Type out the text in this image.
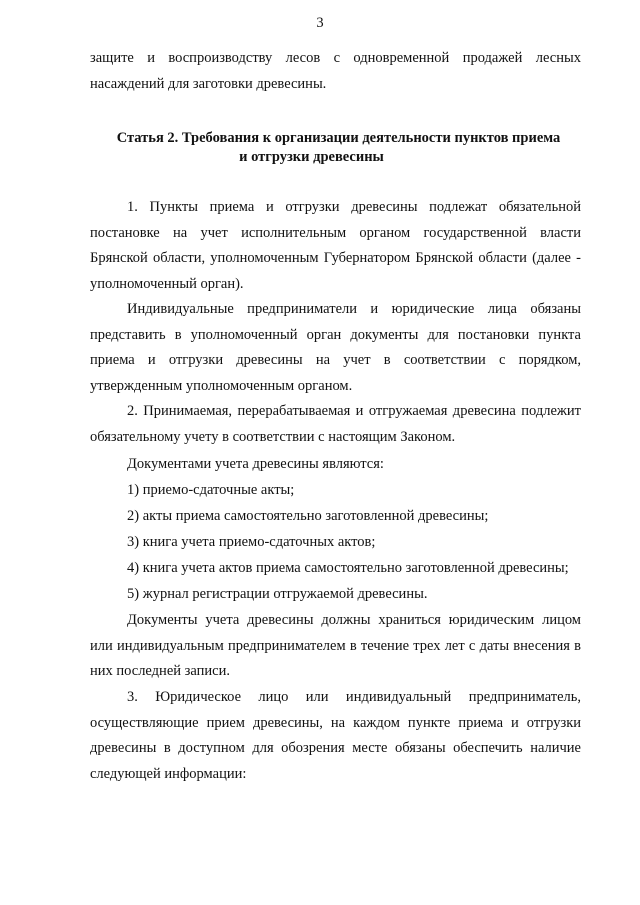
3

защите и воспроизводству лесов с одновременной продажей лесных насаждений для заготовки древесины.

Статья 2. Требования к организации деятельности пунктов приема
и отгрузки древесины

1. Пункты приема и отгрузки древесины подлежат обязательной постановке на учет исполнительным органом государственной власти Брянской области, уполномоченным Губернатором Брянской области (далее - уполномоченный орган).

Индивидуальные предприниматели и юридические лица обязаны представить в уполномоченный орган документы для постановки пункта приема и отгрузки древесины на учет в соответствии с порядком, утвержденным уполномоченным органом.

2. Принимаемая, перерабатываемая и отгружаемая древесина подлежит обязательному учету в соответствии с настоящим Законом.

Документами учета древесины являются:
1) приемо-сдаточные акты;
2) акты приема самостоятельно заготовленной древесины;
3) книга учета приемо-сдаточных актов;
4) книга учета актов приема самостоятельно заготовленной древесины;
5) журнал регистрации отгружаемой древесины.

Документы учета древесины должны храниться юридическим лицом или индивидуальным предпринимателем в течение трех лет с даты внесения в них последней записи.

3. Юридическое лицо или индивидуальный предприниматель,
осуществляющие прием древесины, на каждом пункте приема и отгрузки древесины в доступном для обозрения месте обязаны обеспечить наличие следующей информации:
